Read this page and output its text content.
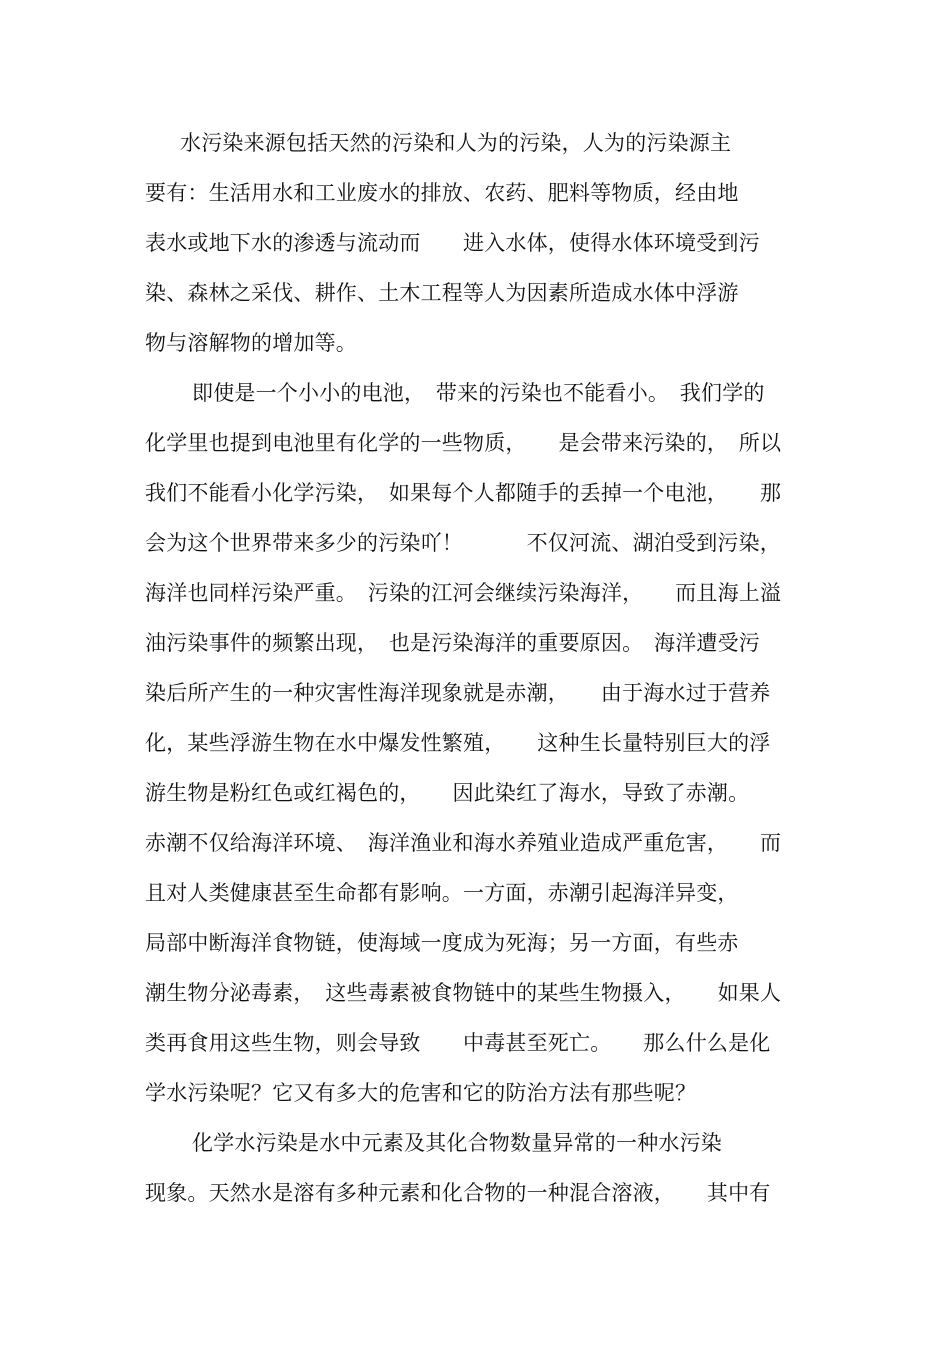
水污染来源包括天然的污染和人为的污染，人为的污染源主
要有：生活用水和工业废水的排放、农药、肥料等物质，经由地
表水或地下水的渗透与流动而　　进入水体，使得水体环境受到污
染、森林之采伐、耕作、土木工程等人为因素所造成水体中浮游
物与溶解物的增加等。
即使是一个小小的电池，　带来的污染也不能看小。　我们学的
化学里也提到电池里有化学的一些物质，　　是会带来污染的，　所以
我们不能看小化学污染，　如果每个人都随手的丢掉一个电池，　　那
会为这个世界带来多少的污染吖！　　　不仅河流、湖泊受到污染，
海洋也同样污染严重。　污染的江河会继续污染海洋，　　而且海上溢
油污染事件的频繁出现，　也是污染海洋的重要原因。　海洋遭受污
染后所产生的一种灾害性海洋现象就是赤潮，　　由于海水过于营养
化，某些浮游生物在水中爆发性繁殖，　　这种生长量特别巨大的浮
游生物是粉红色或红褐色的，　　因此染红了海水，导致了赤潮。
赤潮不仅给海洋环境、　海洋渔业和海水养殖业造成严重危害，　　而
且对人类健康甚至生命都有影响。一方面，赤潮引起海洋异变，
局部中断海洋食物链，使海域一度成为死海；另一方面，有些赤
潮生物分泌毒素，　这些毒素被食物链中的某些生物摄入，　　如果人
类再食用这些生物，则会导致　　中毒甚至死亡。　　那么什么是化
学水污染呢？它又有多大的危害和它的防治方法有那些呢？
化学水污染是水中元素及其化合物数量异常的一种水污染
现象。天然水是溶有多种元素和化合物的一种混合溶液，　　其中有
